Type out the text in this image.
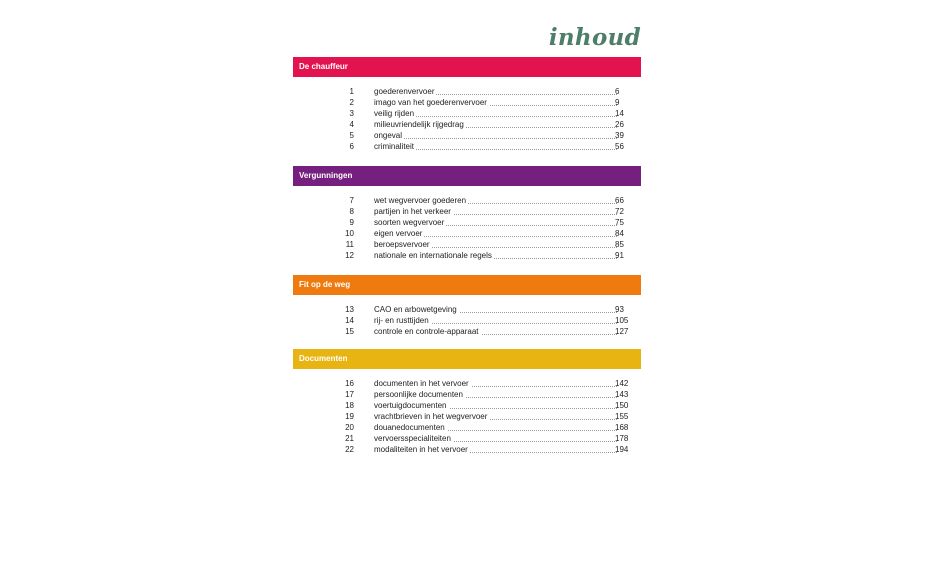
inhoud
De chauffeur
1	goederenvervoer	6
2	imago van het goederenvervoer	9
3	veilig rijden	14
4	milieuvriendelijk rijgedrag	26
5	ongeval	39
6	criminaliteit	56
Vergunningen
7	wet wegvervoer goederen	66
8	partijen in het verkeer	72
9	soorten wegvervoer	75
10	eigen vervoer	84
11	beroepsvervoer	85
12	nationale en internationale regels	91
Fit op de weg
13	CAO en arbowetgeving	93
14	rij- en rusttijden	105
15	controle en controle-apparaat	127
Documenten
16	documenten in het vervoer	142
17	persoonlijke documenten	143
18	voertuigdocumenten	150
19	vrachtbrieven in het wegvervoer	155
20	douanedocumenten	168
21	vervoersspecialiteiten	178
22	modaliteiten in het vervoer	194
